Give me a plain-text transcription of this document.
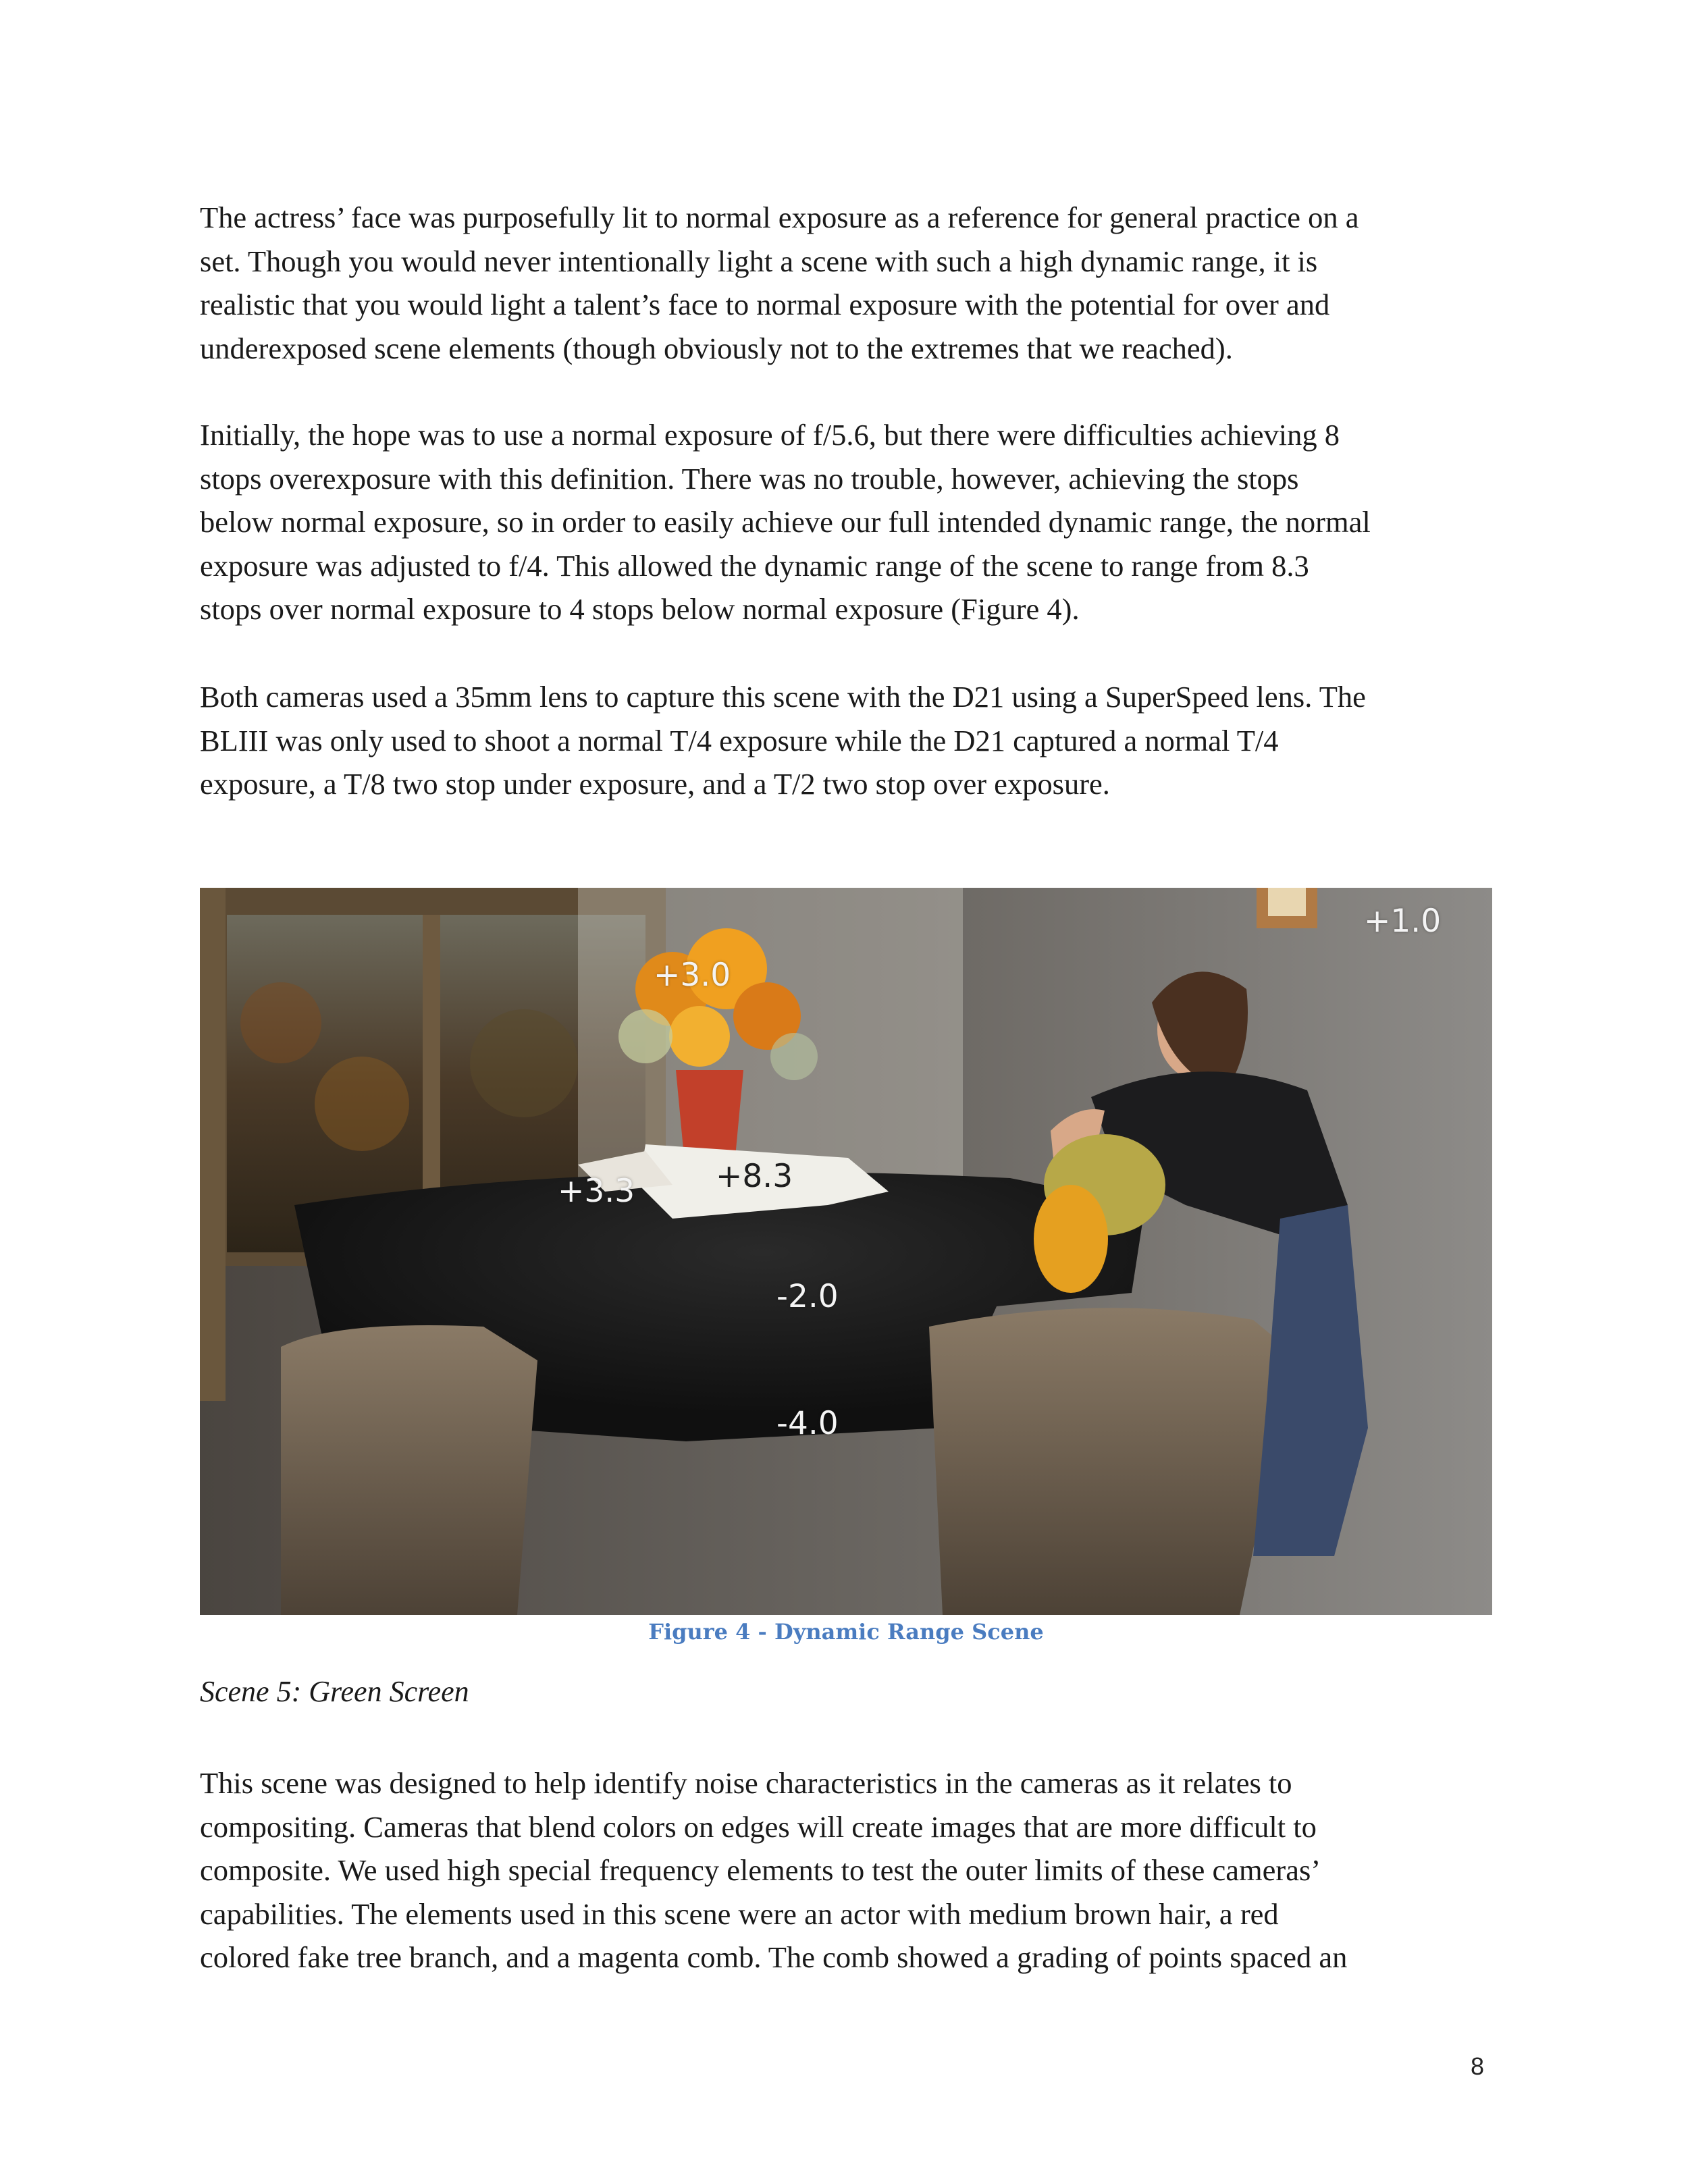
The actress’ face was purposefully lit to normal exposure as a reference for general practice on a
set. Though you would never intentionally light a scene with such a high dynamic range, it is
realistic that you would light a talent’s face to normal exposure with the potential for over and
underexposed scene elements (though obviously not to the extremes that we reached).
Initially, the hope was to use a normal exposure of f/5.6, but there were difficulties achieving 8
stops overexposure with this definition. There was no trouble, however, achieving the stops
below normal exposure, so in order to easily achieve our full intended dynamic range, the normal
exposure was adjusted to f/4. This allowed the dynamic range of the scene to range from 8.3
stops over normal exposure to 4 stops below normal exposure (Figure 4).
Both cameras used a 35mm lens to capture this scene with the D21 using a SuperSpeed lens. The
BLIII was only used to shoot a normal T/4 exposure while the D21 captured a normal T/4
exposure, a T/8 two stop under exposure, and a T/2 two stop over exposure.
+1.0
+3.0
+3.3	+8.3
-2.0
-4.0
Figure 4 - Dynamic Range Scene

Scene 5: Green Screen

This scene was designed to help identify noise characteristics in the cameras as it relates to
compositing. Cameras that blend colors on edges will create images that are more difficult to
composite. We used high special frequency elements to test the outer limits of these cameras’
capabilities. The elements used in this scene were an actor with medium brown hair, a red
colored fake tree branch, and a magenta comb. The comb showed a grading of points spaced an
8
